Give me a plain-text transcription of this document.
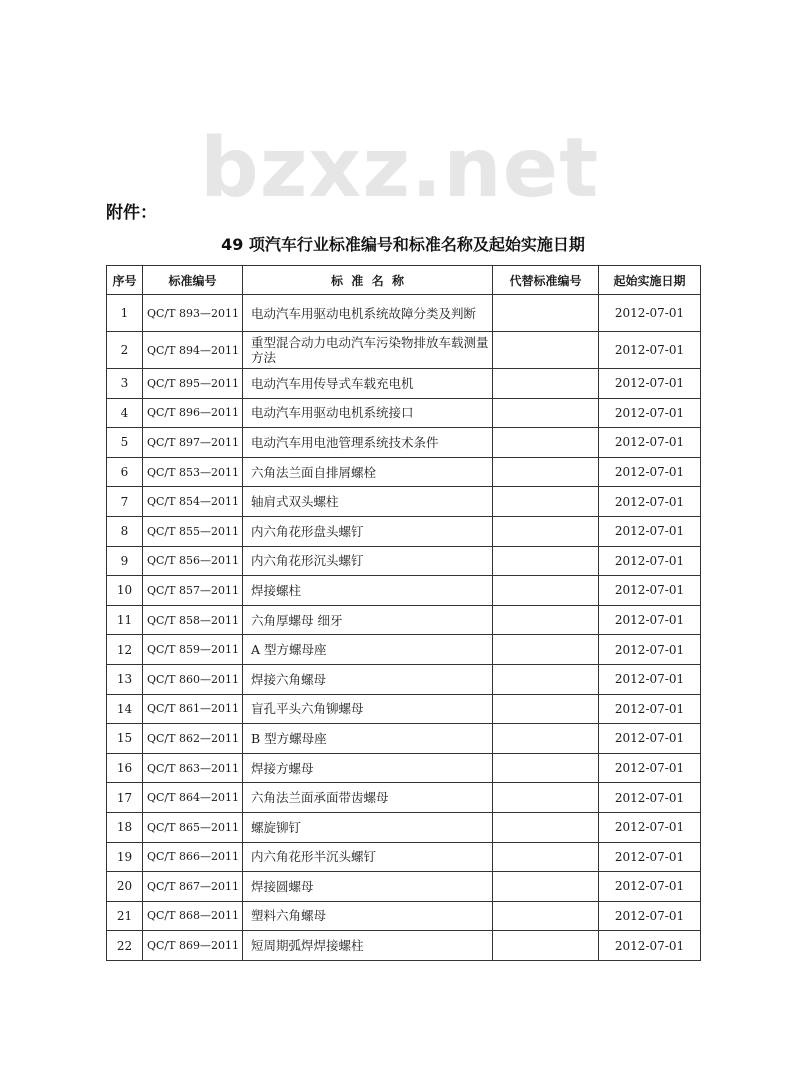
bzxz.net
附件：
49 项汽车行业标准编号和标准名称及起始实施日期
序号	标准编号	标  准  名  称	代替标准编号	起始实施日期
1	QC/T 893—2011	电动汽车用驱动电机系统故障分类及判断		2012-07-01
2	QC/T 894—2011	重型混合动力电动汽车污染物排放车载测量方法		2012-07-01
3	QC/T 895—2011	电动汽车用传导式车载充电机		2012-07-01
4	QC/T 896—2011	电动汽车用驱动电机系统接口		2012-07-01
5	QC/T 897—2011	电动汽车用电池管理系统技术条件		2012-07-01
6	QC/T 853—2011	六角法兰面自排屑螺栓		2012-07-01
7	QC/T 854—2011	轴肩式双头螺柱		2012-07-01
8	QC/T 855—2011	内六角花形盘头螺钉		2012-07-01
9	QC/T 856—2011	内六角花形沉头螺钉		2012-07-01
10	QC/T 857—2011	焊接螺柱		2012-07-01
11	QC/T 858—2011	六角厚螺母 细牙		2012-07-01
12	QC/T 859—2011	A 型方螺母座		2012-07-01
13	QC/T 860—2011	焊接六角螺母		2012-07-01
14	QC/T 861—2011	盲孔平头六角铆螺母		2012-07-01
15	QC/T 862—2011	B 型方螺母座		2012-07-01
16	QC/T 863—2011	焊接方螺母		2012-07-01
17	QC/T 864—2011	六角法兰面承面带齿螺母		2012-07-01
18	QC/T 865—2011	螺旋铆钉		2012-07-01
19	QC/T 866—2011	内六角花形半沉头螺钉		2012-07-01
20	QC/T 867—2011	焊接圆螺母		2012-07-01
21	QC/T 868—2011	塑料六角螺母		2012-07-01
22	QC/T 869—2011	短周期弧焊焊接螺柱		2012-07-01
